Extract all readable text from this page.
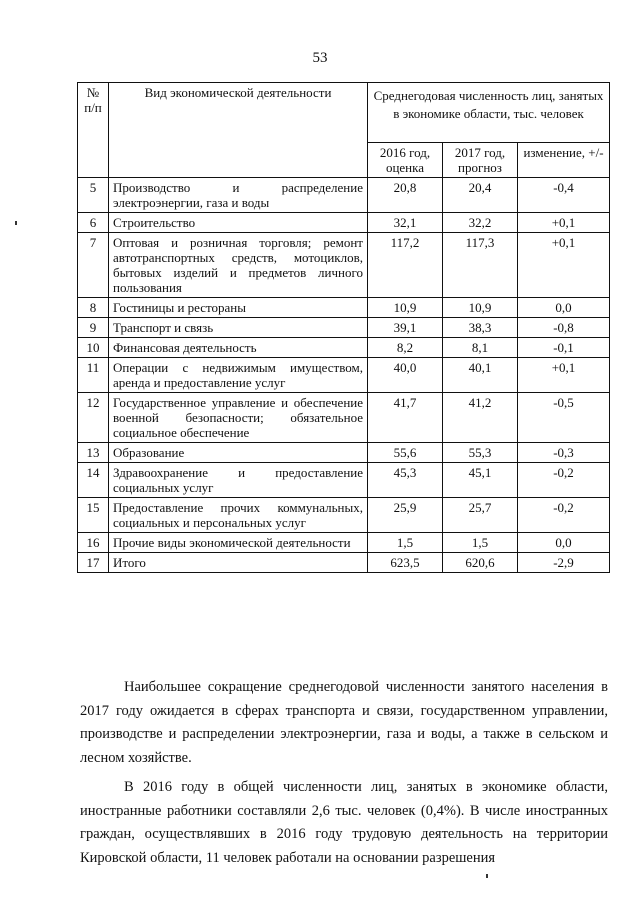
53
№ п/п	Вид экономической деятельности	Среднегодовая численность лиц, занятых в экономике области, тыс. человек		
		2016 год, оценка	2017 год, прогноз	изменение, +/-
5	Производство и распределение электроэнергии, газа и воды	20,8	20,4	-0,4
6	Строительство	32,1	32,2	+0,1
7	Оптовая и розничная торговля; ремонт автотранспортных средств, мотоциклов, бытовых изделий и предметов личного пользования	117,2	117,3	+0,1
8	Гостиницы и рестораны	10,9	10,9	0,0
9	Транспорт и связь	39,1	38,3	-0,8
10	Финансовая деятельность	8,2	8,1	-0,1
11	Операции с недвижимым имуществом, аренда и предоставление услуг	40,0	40,1	+0,1
12	Государственное управление и обеспечение военной безопасности; обязательное социальное обеспечение	41,7	41,2	-0,5
13	Образование	55,6	55,3	-0,3
14	Здравоохранение и предоставление социальных услуг	45,3	45,1	-0,2
15	Предоставление прочих коммунальных, социальных и персональных услуг	25,9	25,7	-0,2
16	Прочие виды экономической деятельности	1,5	1,5	0,0
17	Итого	623,5	620,6	-2,9

Наибольшее сокращение среднегодовой численности занятого населения в 2017 году ожидается в сферах транспорта и связи, государственном управлении, производстве и распределении электроэнергии, газа и воды, а также в сельском и лесном хозяйстве.

В 2016 году в общей численности лиц, занятых в экономике области, иностранные работники составляли 2,6 тыс. человек (0,4%). В числе иностранных граждан, осуществлявших в 2016 году трудовую деятельность на территории Кировской области, 11 человек работали на основании разрешения
